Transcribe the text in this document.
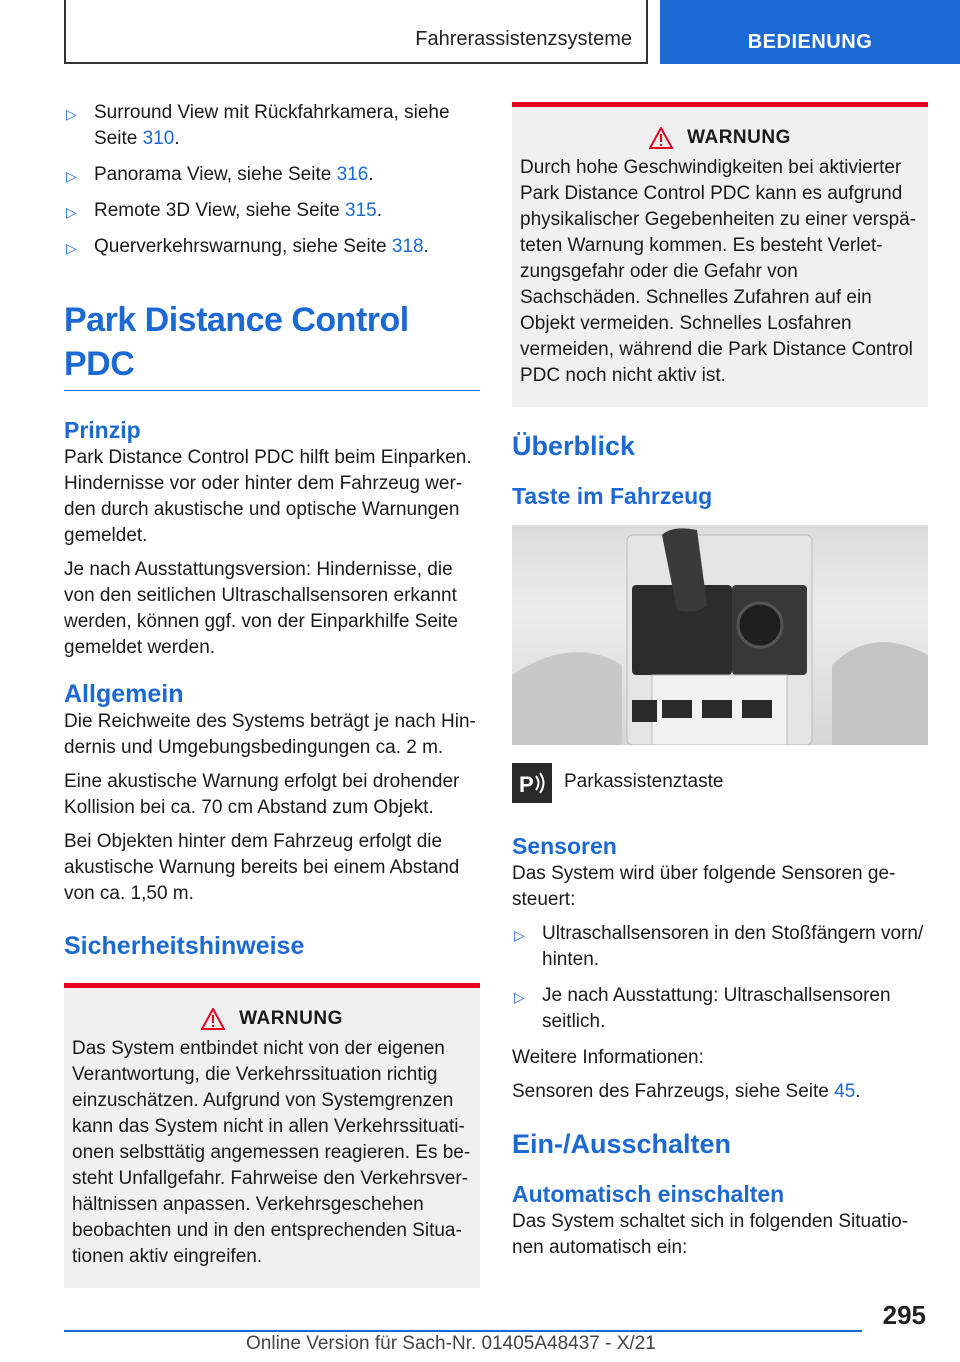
Fahrerassistenzsysteme	BEDIENUNG
▷ Surround View mit Rückfahrkamera, siehe Seite 310.
▷ Panorama View, siehe Seite 316.
▷ Remote 3D View, siehe Seite 315.
▷ Querverkehrswarnung, siehe Seite 318.
Park Distance Control PDC
Prinzip

Park Distance Control PDC hilft beim Einparken. Hindernisse vor oder hinter dem Fahrzeug wer-den durch akustische und optische Warnungen gemeldet.

Je nach Ausstattungsversion: Hindernisse, die von den seitlichen Ultraschallsensoren erkannt werden, können ggf. von der Einparkhilfe Seite gemeldet werden.

Allgemein

Die Reichweite des Systems beträgt je nach Hin-dernis und Umgebungsbedingungen ca. 2 m.

Eine akustische Warnung erfolgt bei drohender Kollision bei ca. 70 cm Abstand zum Objekt.

Bei Objekten hinter dem Fahrzeug erfolgt die akustische Warnung bereits bei einem Abstand von ca. 1,50 m.

Sicherheitshinweise
WARNUNG

Das System entbindet nicht von der eigenen Verantwortung, die Verkehrssituation richtig einzuschätzen. Aufgrund von Systemgrenzen kann das System nicht in allen Verkehrssituati-onen selbsttätig angemessen reagieren. Es be-steht Unfallgefahr. Fahrweise den Verkehrsver-hältnissen anpassen. Verkehrsgeschehen beobachten und in den entsprechenden Situa-tionen aktiv eingreifen.

WARNUNG

Durch hohe Geschwindigkeiten bei aktivierter Park Distance Control PDC kann es aufgrund physikalischer Gegebenheiten zu einer verspä-teten Warnung kommen. Es besteht Verlet-zungsgefahr oder die Gefahr von Sachschäden. Schnelles Zufahren auf ein Objekt vermeiden. Schnelles Losfahren vermeiden, während die Park Distance Control PDC noch nicht aktiv ist.

Überblick
Taste im Fahrzeug
P Parkassistenztaste

Sensoren

Das System wird über folgende Sensoren ge-steuert:

▷ Ultraschallsensoren in den Stoßfängern vorn/ hinten.
▷ Je nach Ausstattung: Ultraschallsensoren seitlich.

Weitere Informationen:

Sensoren des Fahrzeugs, siehe Seite 45.

Ein-/Ausschalten
Automatisch einschalten

Das System schaltet sich in folgenden Situatio-nen automatisch ein:

295
Online Version für Sach-Nr. 01405A48437 - X/21
